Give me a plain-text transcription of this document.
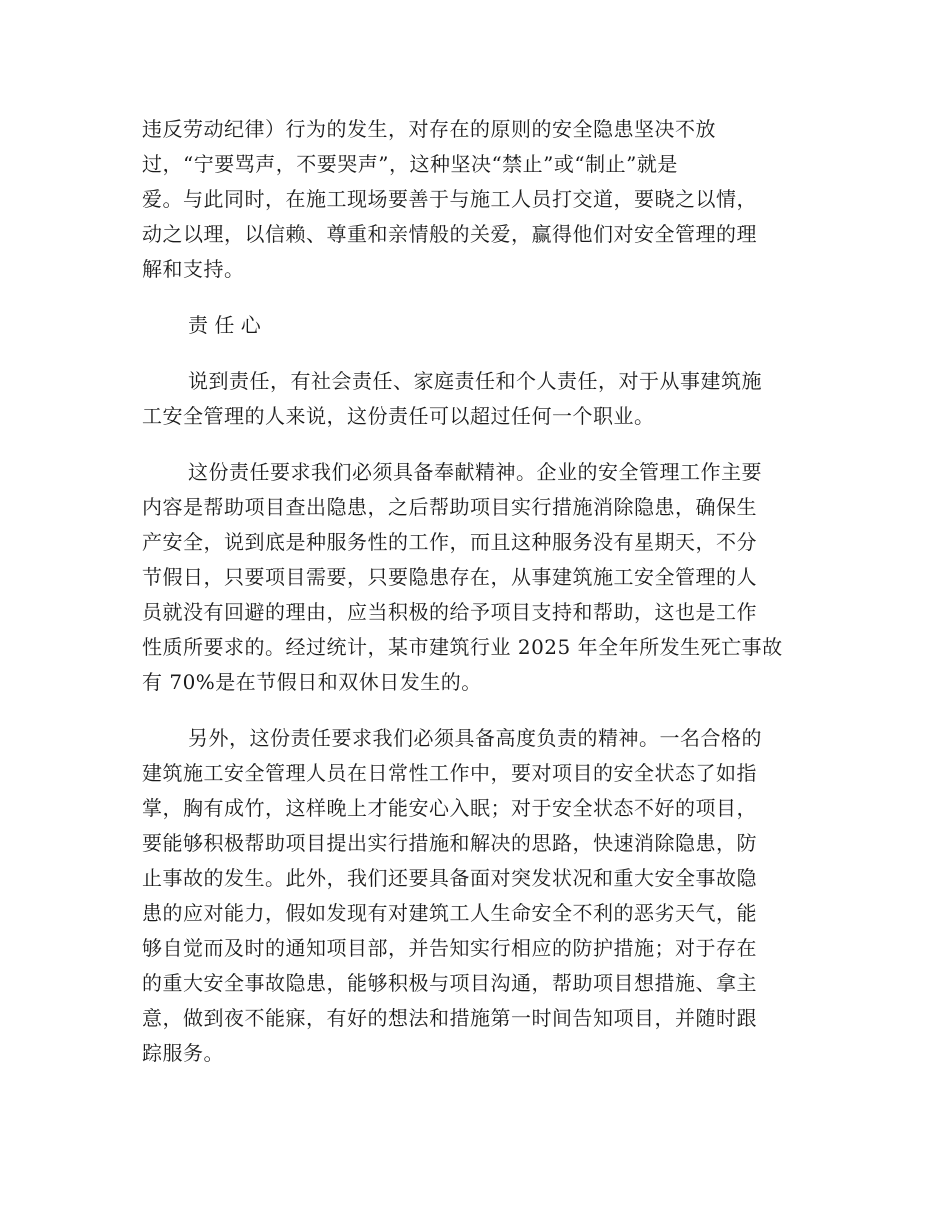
违反劳动纪律）行为的发生，对存在的原则的安全隐患坚决不放
过，“宁要骂声，不要哭声”，这种坚决“禁止”或“制止”就是
爱。与此同时，在施工现场要善于与施工人员打交道，要晓之以情，
动之以理，以信赖、尊重和亲情般的关爱，赢得他们对安全管理的理
解和支持。
责 任 心
说到责任，有社会责任、家庭责任和个人责任，对于从事建筑施
工安全管理的人来说，这份责任可以超过任何一个职业。
这份责任要求我们必须具备奉献精神。企业的安全管理工作主要
内容是帮助项目查出隐患，之后帮助项目实行措施消除隐患，确保生
产安全，说到底是种服务性的工作，而且这种服务没有星期天，不分
节假日，只要项目需要，只要隐患存在，从事建筑施工安全管理的人
员就没有回避的理由，应当积极的给予项目支持和帮助，这也是工作
性质所要求的。经过统计，某市建筑行业 2025 年全年所发生死亡事故
有 70%是在节假日和双休日发生的。
另外，这份责任要求我们必须具备高度负责的精神。一名合格的
建筑施工安全管理人员在日常性工作中，要对项目的安全状态了如指
掌，胸有成竹，这样晚上才能安心入眠；对于安全状态不好的项目，
要能够积极帮助项目提出实行措施和解决的思路，快速消除隐患，防
止事故的发生。此外，我们还要具备面对突发状况和重大安全事故隐
患的应对能力，假如发现有对建筑工人生命安全不利的恶劣天气，能
够自觉而及时的通知项目部，并告知实行相应的防护措施；对于存在
的重大安全事故隐患，能够积极与项目沟通，帮助项目想措施、拿主
意，做到夜不能寐，有好的想法和措施第一时间告知项目，并随时跟
踪服务。
